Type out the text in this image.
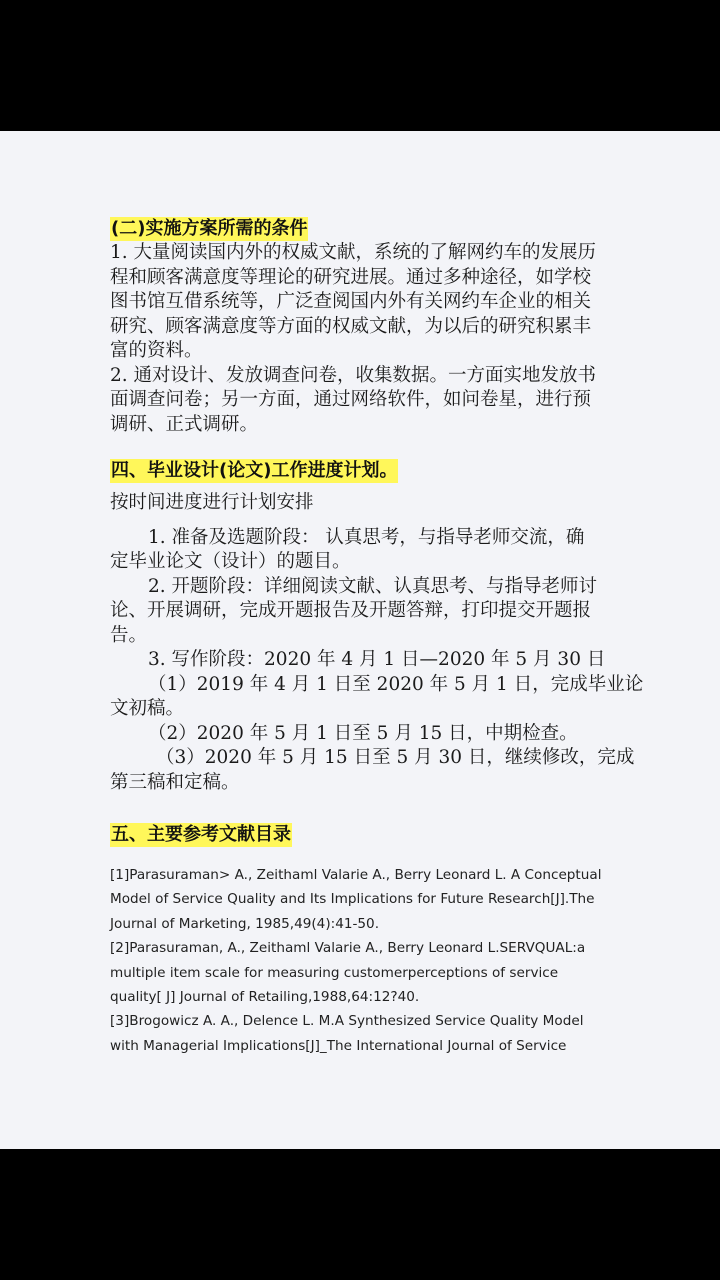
(二)实施方案所需的条件
1. 大量阅读国内外的权威文献，系统的了解网约车的发展历
程和顾客满意度等理论的研究进展。通过多种途径，如学校
图书馆互借系统等，广泛查阅国内外有关网约车企业的相关
研究、顾客满意度等方面的权威文献，为以后的研究积累丰
富的资料。
2. 通对设计、发放调查问卷，收集数据。一方面实地发放书
面调查问卷；另一方面，通过网络软件，如问卷星，进行预
调研、正式调研。
四、毕业设计(论文)工作进度计划。
按时间进度进行计划安排
1. 准备及选题阶段： 认真思考，与指导老师交流，确
定毕业论文（设计）的题目。
2. 开题阶段：详细阅读文献、认真思考、与指导老师讨
论、开展调研，完成开题报告及开题答辩，打印提交开题报
告。
3. 写作阶段：2020 年 4 月 1 日—2020 年 5 月 30 日
（1）2019 年 4 月 1 日至 2020 年 5 月 1 日，完成毕业论
文初稿。
（2）2020 年 5 月 1 日至 5 月 15 日，中期检查。
（3）2020 年 5 月 15 日至 5 月 30 日，继续修改，完成
第三稿和定稿。
五、主要参考文献目录
[1]Parasuraman> A., Zeithaml Valarie A., Berry Leonard L. A Conceptual
Model of Service Quality and Its Implications for Future Research[J].The
Journal of Marketing, 1985,49(4):41-50.
[2]Parasuraman, A., Zeithaml Valarie A., Berry Leonard L.SERVQUAL:a
multiple item scale for measuring customerperceptions of service
quality[ J] Journal of Retailing,1988,64:12?40.
[3]Brogowicz A. A., Delence L. M.A Synthesized Service Quality Model
with Managerial Implications[J]_The International Journal of Service
